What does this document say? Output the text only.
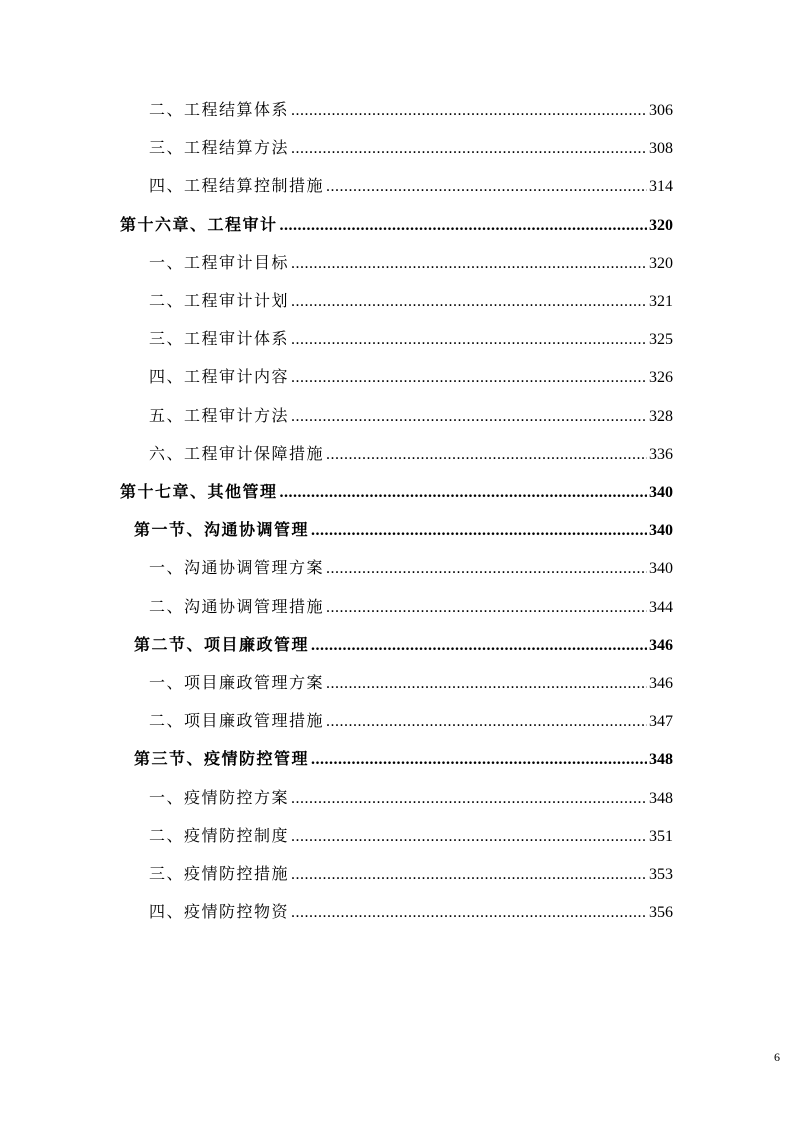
二、工程结算体系 .....	306
三、工程结算方法 .....	308
四、工程结算控制措施 .....	314
第十六章、工程审计 .....	320
一、工程审计目标 .....	320
二、工程审计计划 .....	321
三、工程审计体系 .....	325
四、工程审计内容 .....	326
五、工程审计方法 .....	328
六、工程审计保障措施 .....	336
第十七章、其他管理 .....	340
第一节、沟通协调管理 .....	340
一、沟通协调管理方案 .....	340
二、沟通协调管理措施 .....	344
第二节、项目廉政管理 .....	346
一、项目廉政管理方案 .....	346
二、项目廉政管理措施 .....	347
第三节、疫情防控管理 .....	348
一、疫情防控方案 .....	348
二、疫情防控制度 .....	351
三、疫情防控措施 .....	353
四、疫情防控物资 .....	356
6
